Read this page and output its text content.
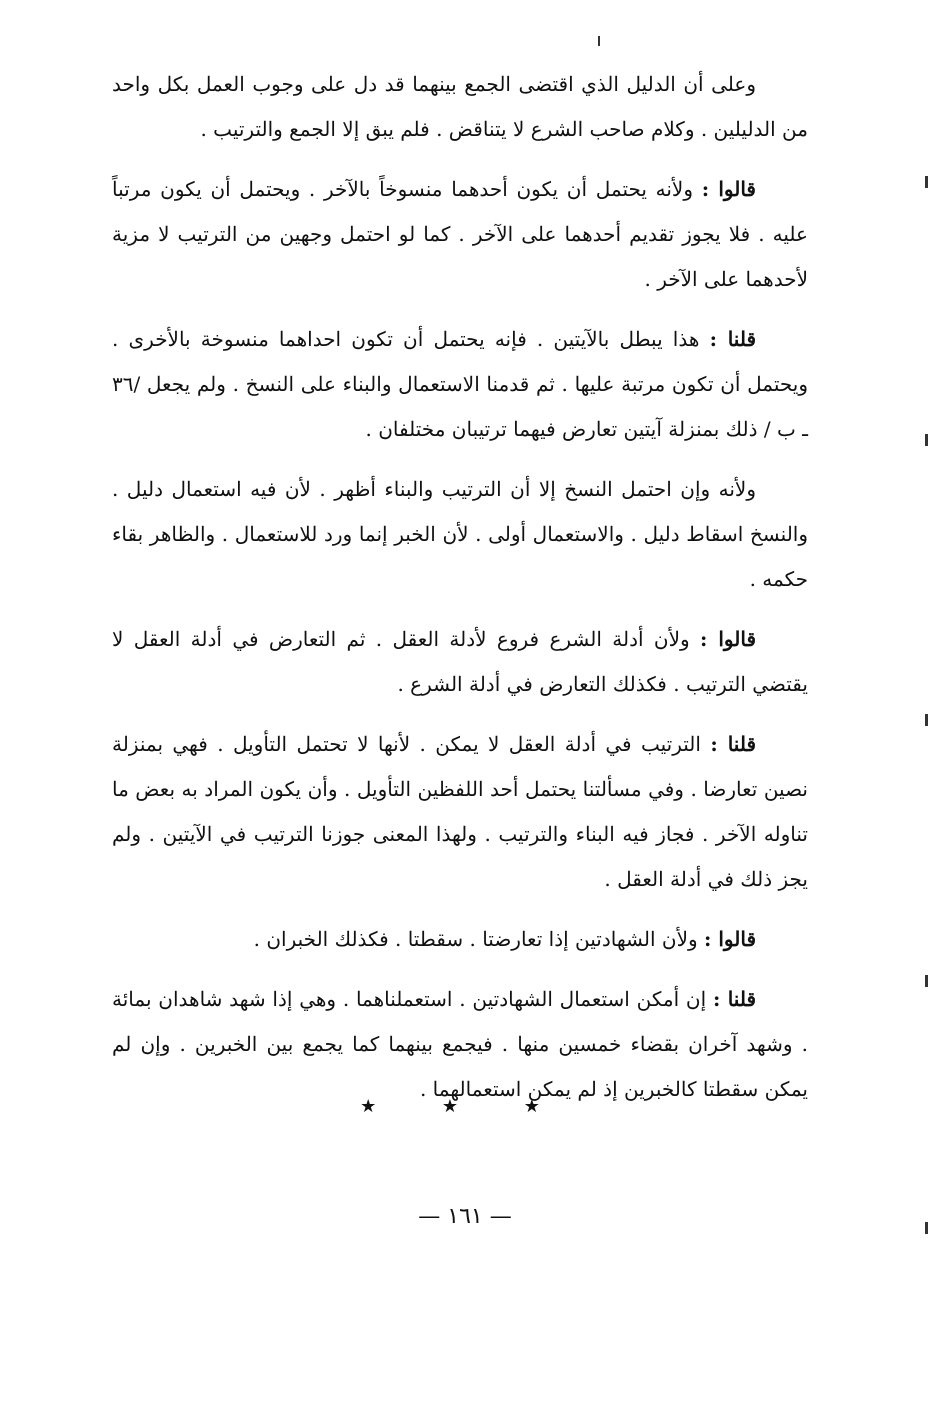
وعلى أن الدليل الذي اقتضى الجمع بينهما قد دل على وجوب العمل بكل واحد من الدليلين . وكلام صاحب الشرع لا يتناقض . فلم يبق إلا الجمع والترتيب .

قالوا : ولأنه يحتمل أن يكون أحدهما منسوخاً بالآخر . ويحتمل أن يكون مرتباً عليه . فلا يجوز تقديم أحدهما على الآخر . كما لو احتمل وجهين من الترتيب لا مزية لأحدهما على الآخر .

قلنا : هذا يبطل بالآيتين . فإنه يحتمل أن تكون احداهما منسوخة بالأخرى . ويحتمل أن تكون مرتبة عليها . ثم قدمنا الاستعمال والبناء على النسخ . ولم يجعل /٣٦ ـ ب / ذلك بمنزلة آيتين تعارض فيهما ترتيبان مختلفان .

ولأنه وإن احتمل النسخ إلا أن الترتيب والبناء أظهر . لأن فيه استعمال دليل . والنسخ اسقاط دليل . والاستعمال أولى . لأن الخبر إنما ورد للاستعمال . والظاهر بقاء حكمه .

قالوا : ولأن أدلة الشرع فروع لأدلة العقل . ثم التعارض في أدلة العقل لا يقتضي الترتيب . فكذلك التعارض في أدلة الشرع .

قلنا : الترتيب في أدلة العقل لا يمكن . لأنها لا تحتمل التأويل . فهي بمنزلة نصين تعارضا . وفي مسألتنا يحتمل أحد اللفظين التأويل . وأن يكون المراد به بعض ما تناوله الآخر . فجاز فيه البناء والترتيب . ولهذا المعنى جوزنا الترتيب في الآيتين . ولم يجز ذلك في أدلة العقل .

قالوا : ولأن الشهادتين إذا تعارضتا . سقطتا . فكذلك الخبران .

قلنا : إن أمكن استعمال الشهادتين . استعملناهما . وهي إذا شهد شاهدان بمائة . وشهد آخران بقضاء خمسين منها . فيجمع بينهما كما يجمع بين الخبرين . وإن لم يمكن سقطتا كالخبرين إذ لم يمكن استعمالهما .

★ ★ ★
— ١٦١ —
